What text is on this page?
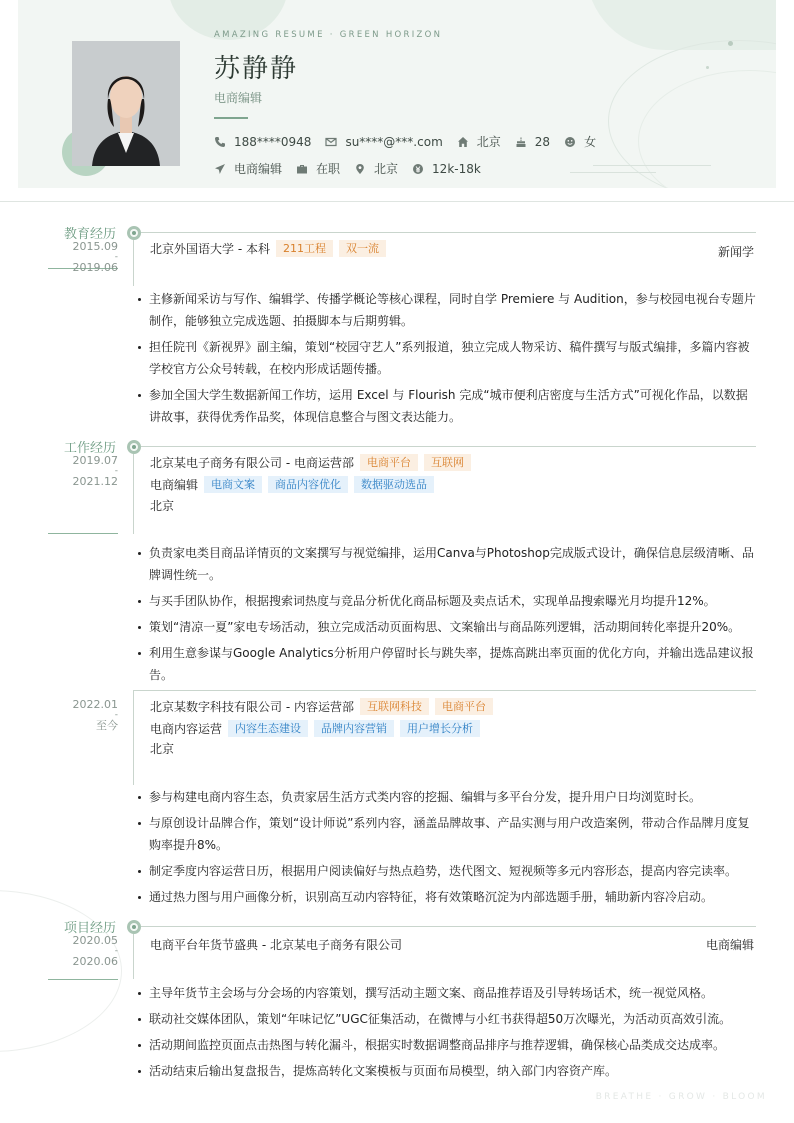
AMAZING RESUME · GREEN HORIZON
苏静静
电商编辑
188****0948	su****@***.com	北京	28	女
电商编辑	在职	北京	12k-18k
教育经历
2015.09
-
2019.06
北京外国语大学 - 本科	211工程	双一流	新闻学
主修新闻采访与写作、编辑学、传播学概论等核心课程，同时自学 Premiere 与 Audition，参与校园电视台专题片制作，能够独立完成选题、拍摄脚本与后期剪辑。
担任院刊《新视界》副主编，策划“校园守艺人”系列报道，独立完成人物采访、稿件撰写与版式编排，多篇内容被学校官方公众号转载，在校内形成话题传播。
参加全国大学生数据新闻工作坊，运用 Excel 与 Flourish 完成“城市便利店密度与生活方式”可视化作品，以数据讲故事，获得优秀作品奖，体现信息整合与图文表达能力。
工作经历
2019.07
-
2021.12
北京某电子商务有限公司 - 电商运营部	电商平台	互联网
电商编辑	电商文案	商品内容优化	数据驱动选品
北京
负责家电类目商品详情页的文案撰写与视觉编排，运用Canva与Photoshop完成版式设计，确保信息层级清晰、品牌调性统一。
与买手团队协作，根据搜索词热度与竞品分析优化商品标题及卖点话术，实现单品搜索曝光月均提升12%。
策划“清凉一夏”家电专场活动，独立完成活动页面构思、文案输出与商品陈列逻辑，活动期间转化率提升20%。
利用生意参谋与Google Analytics分析用户停留时长与跳失率，提炼高跳出率页面的优化方向，并输出选品建议报告。
2022.01
-
至今
北京某数字科技有限公司 - 内容运营部	互联网科技	电商平台
电商内容运营	内容生态建设	品牌内容营销	用户增长分析
北京
参与构建电商内容生态，负责家居生活方式类内容的挖掘、编辑与多平台分发，提升用户日均浏览时长。
与原创设计品牌合作，策划“设计师说”系列内容，涵盖品牌故事、产品实测与用户改造案例，带动合作品牌月度复购率提升8%。
制定季度内容运营日历，根据用户阅读偏好与热点趋势，迭代图文、短视频等多元内容形态，提高内容完读率。
通过热力图与用户画像分析，识别高互动内容特征，将有效策略沉淀为内部选题手册，辅助新内容冷启动。
项目经历
2020.05
-
2020.06
电商平台年货节盛典 - 北京某电子商务有限公司	电商编辑
主导年货节主会场与分会场的内容策划，撰写活动主题文案、商品推荐语及引导转场话术，统一视觉风格。
联动社交媒体团队，策划“年味记忆”UGC征集活动，在微博与小红书获得超50万次曝光，为活动页高效引流。
活动期间监控页面点击热图与转化漏斗，根据实时数据调整商品排序与推荐逻辑，确保核心品类成交达成率。
活动结束后输出复盘报告，提炼高转化文案模板与页面布局模型，纳入部门内容资产库。
BREATHE · GROW · BLOOM
